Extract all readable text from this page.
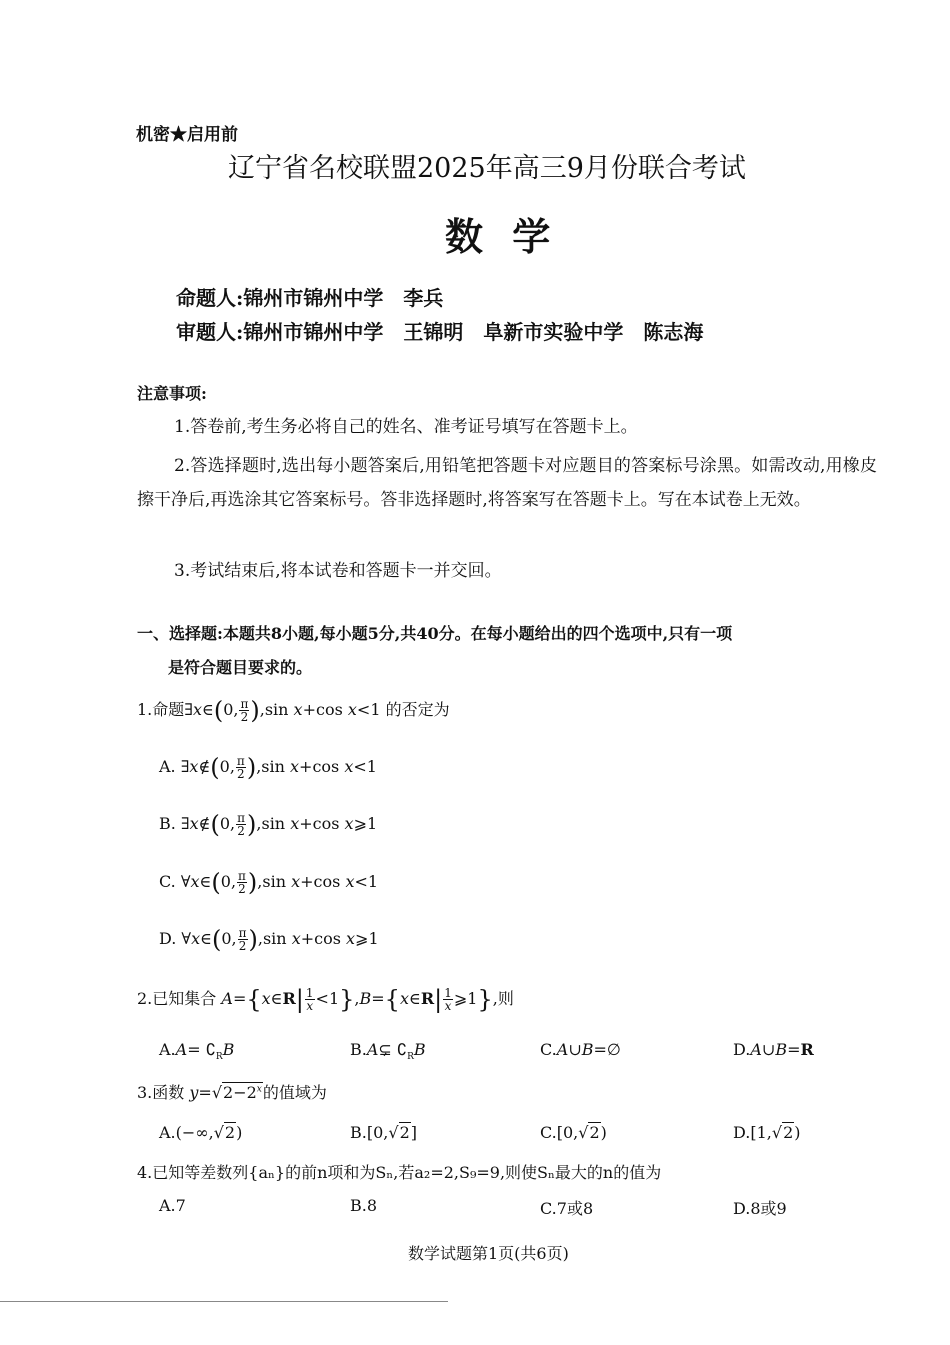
机密★启用前
辽宁省名校联盟2025年高三9月份联合考试
数 学
命题人:锦州市锦州中学　李兵
审题人:锦州市锦州中学　王锦明　阜新市实验中学　陈志海
注意事项:
1.答卷前,考生务必将自己的姓名、准考证号填写在答题卡上。
2.答选择题时,选出每小题答案后,用铅笔把答题卡对应题目的答案标号涂黑。如需改动,用橡皮擦干净后,再选涂其它答案标号。答非选择题时,将答案写在答题卡上。写在本试卷上无效。
3.考试结束后,将本试卷和答题卡一并交回。
一、选择题:本题共8小题,每小题5分,共40分。在每小题给出的四个选项中,只有一项
是符合题目要求的。
1.命题∃x∈(0, $\frac{\pi}{2} ),\sin$ x+cos x<1 的否定为
A. ∃x∉(0, $\frac{\pi}{2} ),\sin$ x+cos x<1
B. ∃x∉(0, $\frac{\pi}{2} ),\sin$ x+cos x⩾1
C. ∀x∈(0, $\frac{\pi}{2} ),\sin$ x+cos x<1
D. ∀x∈(0, $\frac{\pi}{2} ),\sin$ x+cos x⩾1
2.已知集合 A={x∈R| $\frac{1}{x}$ <1},B={x∈R| $\frac{1}{x}$ ⩾1},则
$A.A= ∁_RB$	B.A⊊ $∁_RB$	C.A∪B=∅	D.A∪B=R
3.函数 $y=√2-2^x$的值域为
A.(−∞,√2)	B.[0,√2]	C.[0,√2)	D.[1,√2)
4.已知等差数列{aₙ}的前n项和为Sₙ,若a₂=2,S₉=9,则使Sₙ最大的n的值为
A.7	B.8	C.7或8	D.8或9
数学试题第1页(共6页)
